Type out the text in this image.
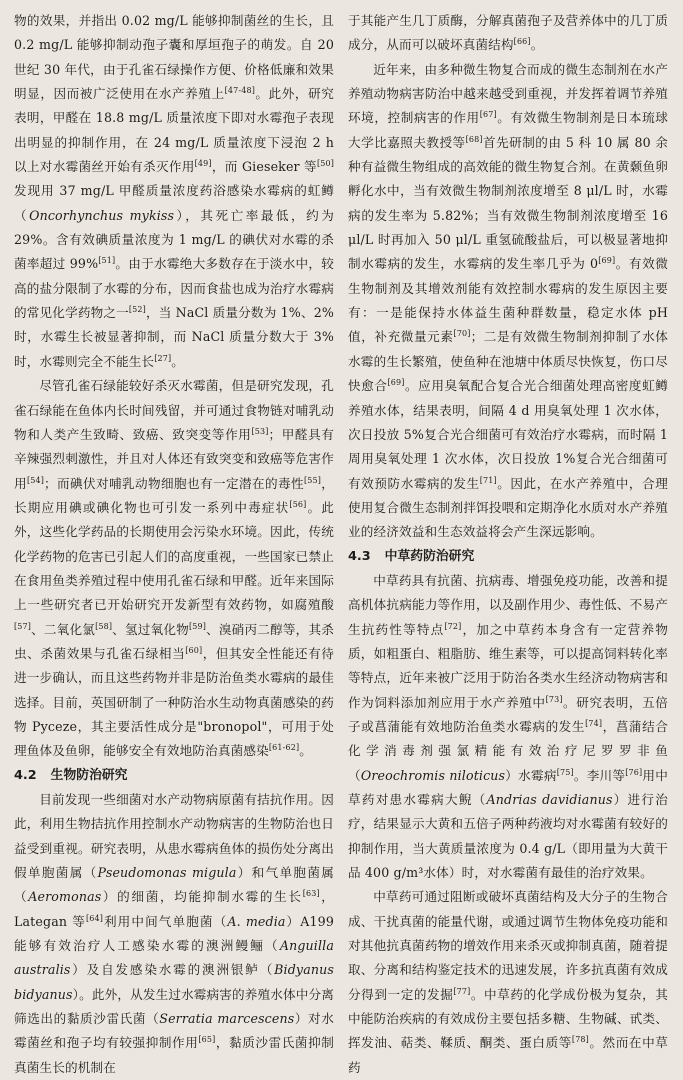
物的效果，并指出 0.02 mg/L 能够抑制菌丝的生长，且 0.2 mg/L 能够抑制动孢子囊和厚垣孢子的萌发。自 20 世纪 30 年代，由于孔雀石绿操作方便、价格低廉和效果明显，因而被广泛使用在水产养殖上[47-48]。此外，研究表明，甲醛在 18.8 mg/L 质量浓度下即对水霉孢子表现出明显的抑制作用，在 24 mg/L 质量浓度下浸泡 2 h 以上对水霉菌丝开始有杀灭作用[49]，而 Gieseker 等[50]发现用 37 mg/L 甲醛质量浓度药浴感染水霉病的虹鳟（Oncorhynchus mykiss），其死亡率最低，约为 29%。含有效碘质量浓度为 1 mg/L 的碘伏对水霉的杀菌率超过 99%[51]。由于水霉绝大多数存在于淡水中，较高的盐分限制了水霉的分布，因而食盐也成为治疗水霉病的常见化学药物之一[52]，当 NaCl 质量分数为 1%、2%时，水霉生长被显著抑制，而 NaCl 质量分数大于 3%时，水霉则完全不能生长[27]。

尽管孔雀石绿能较好杀灭水霉菌，但是研究发现，孔雀石绿能在鱼体内长时间残留，并可通过食物链对哺乳动物和人类产生致畸、致癌、致突变等作用[53]；甲醛具有辛辣强烈刺激性，并且对人体还有致突变和致癌等危害作用[54]；而碘伏对哺乳动物细胞也有一定潜在的毒性[55]，长期应用碘或碘化物也可引发一系列中毒症状[56]。此外，这些化学药品的长期使用会污染水环境。因此，传统化学药物的危害已引起人们的高度重视，一些国家已禁止在食用鱼类养殖过程中使用孔雀石绿和甲醛。近年来国际上一些研究者已开始研究开发新型有效药物，如腐殖酸[57]、二氧化氯[58]、氢过氧化物[59]、溴硝丙二醇等，其杀虫、杀菌效果与孔雀石绿相当[60]，但其安全性能还有待进一步确认，而且这些药物并非是防治鱼类水霉病的最佳选择。目前，英国研制了一种防治水生动物真菌感染的药物 Pyceze，其主要活性成分是"bronopol"，可用于处理鱼体及鱼卵，能够安全有效地防治真菌感染[61-62]。

4.2 生物防治研究

目前发现一些细菌对水产动物病原菌有拮抗作用。因此，利用生物拮抗作用控制水产动物病害的生物防治也日益受到重视。研究表明，从患水霉病鱼体的损伤处分离出假单胞菌属（Pseudomonas migula）和气单胞菌属（Aeromonas）的细菌，均能抑制水霉的生长[63]，Lategan 等[64]利用中间气单胞菌（A. media）A199 能够有效治疗人工感染水霉的澳洲鳗鲡（Anguilla australis）及自发感染水霉的澳洲银鲈（Bidyanus bidyanus）。此外，从发生过水霉病害的养殖水体中分离筛选出的黏质沙雷氏菌（Serratia marcescens）对水霉菌丝和孢子均有较强抑制作用[65]，黏质沙雷氏菌抑制真菌生长的机制在

于其能产生几丁质酶，分解真菌孢子及营养体中的几丁质成分，从而可以破坏真菌结构[66]。

近年来，由多种微生物复合而成的微生态制剂在水产养殖动物病害防治中越来越受到重视，并发挥着调节养殖环境，控制病害的作用[67]。有效微生物制剂是日本琉球大学比嘉照夫教授等[68]首先研制的由 5 科 10 属 80 余种有益微生物组成的高效能的微生物复合剂。在黄颡鱼卵孵化水中，当有效微生物制剂浓度增至 8 μl/L 时，水霉病的发生率为 5.82%；当有效微生物制剂浓度增至 16 μl/L 时再加入 50 μl/L 重氢硫酸盐后，可以极显著地抑制水霉病的发生，水霉病的发生率几乎为 0[69]。有效微生物制剂及其增效剂能有效控制水霉病的发生原因主要有：一是能保持水体益生菌种群数量，稳定水体 pH 值，补充微量元素[70]；二是有效微生物制剂抑制了水体水霉的生长繁殖，使鱼种在池塘中体质尽快恢复，伤口尽快愈合[69]。应用臭氧配合复合光合细菌处理高密度虹鳟养殖水体，结果表明，间隔 4 d 用臭氧处理 1 次水体，次日投放 5%复合光合细菌可有效治疗水霉病，而时隔 1 周用臭氧处理 1 次水体，次日投放 1%复合光合细菌可有效预防水霉病的发生[71]。因此，在水产养殖中，合理使用复合微生态制剂拌饵投喂和定期净化水质对水产养殖业的经济效益和生态效益将会产生深远影响。

4.3 中草药防治研究

中草药具有抗菌、抗病毒、增强免疫功能，改善和提高机体抗病能力等作用，以及副作用少、毒性低、不易产生抗药性等特点[72]，加之中草药本身含有一定营养物质，如粗蛋白、粗脂肪、维生素等，可以提高饲料转化率等特点，近年来被广泛用于防治各类水生经济动物病害和作为饲料添加剂应用于水产养殖中[73]。研究表明，五倍子或菖蒲能有效地防治鱼类水霉病的发生[74]，菖蒲结合化学消毒剂强氯精能有效治疗尼罗罗非鱼（Oreochromis niloticus）水霉病[75]。李川等[76]用中草药对患水霉病大鲵（Andrias davidianus）进行治疗，结果显示大黄和五倍子两种药液均对水霉菌有较好的抑制作用，当大黄质量浓度为 0.4 g/L（即用量为大黄干品 400 g/m³水体）时，对水霉菌有最佳的治疗效果。

中草药可通过阻断或破坏真菌结构及大分子的生物合成、干扰真菌的能量代谢，或通过调节生物体免疫功能和对其他抗真菌药物的增效作用来杀灭或抑制真菌，随着提取、分离和结构鉴定技术的迅速发展，许多抗真菌有效成分得到一定的发掘[77]。中草药的化学成份极为复杂，其中能防治疾病的有效成份主要包括多糖、生物碱、甙类、挥发油、萜类、鞣质、酮类、蛋白质等[78]。然而在中草药
